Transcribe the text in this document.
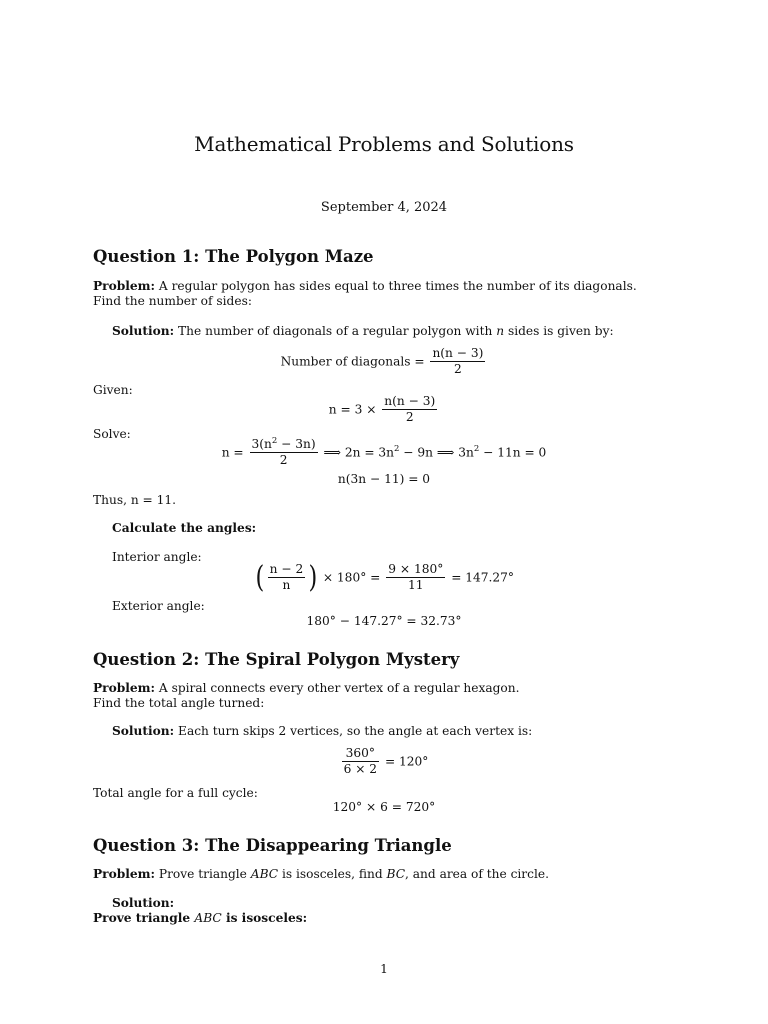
Mathematical Problems and Solutions
September 4, 2024
Question 1: The Polygon Maze
Problem: A regular polygon has sides equal to three times the number of its diagonals.
Find the number of sides:
Solution: The number of diagonals of a regular polygon with n sides is given by:
Number of diagonals = $\frac{n(n - 3)}{2}$
Given:
$n = 3 \times \frac{n(n - 3)}{2}$
Solve:
$n = \frac{3(n^2 - 3n)}{2}$ ⟹ $2n = 3n^2 - 9n$ ⟹ $3n^2 - 11n = 0$
n(3n − 11) = 0
Thus, n = 11.
Calculate the angles:
Interior angle:
( $\frac{n - 2}{n}$ ) × $180^\circ = \frac{9 \times 180^\circ}{11} = 147.27^\circ$
Exterior angle:
180° − 147.27° = 32.73°
Question 2: The Spiral Polygon Mystery
Problem: A spiral connects every other vertex of a regular hexagon.
Find the total angle turned:
Solution: Each turn skips 2 vertices, so the angle at each vertex is:
$\frac{360^\circ}{6 \times 2} = 120^\circ$
Total angle for a full cycle:
120° × 6 = 720°
Question 3: The Disappearing Triangle
Problem: Prove triangle ABC is isosceles, find BC, and area of the circle.
Solution:
Prove triangle ABC is isosceles:
1
